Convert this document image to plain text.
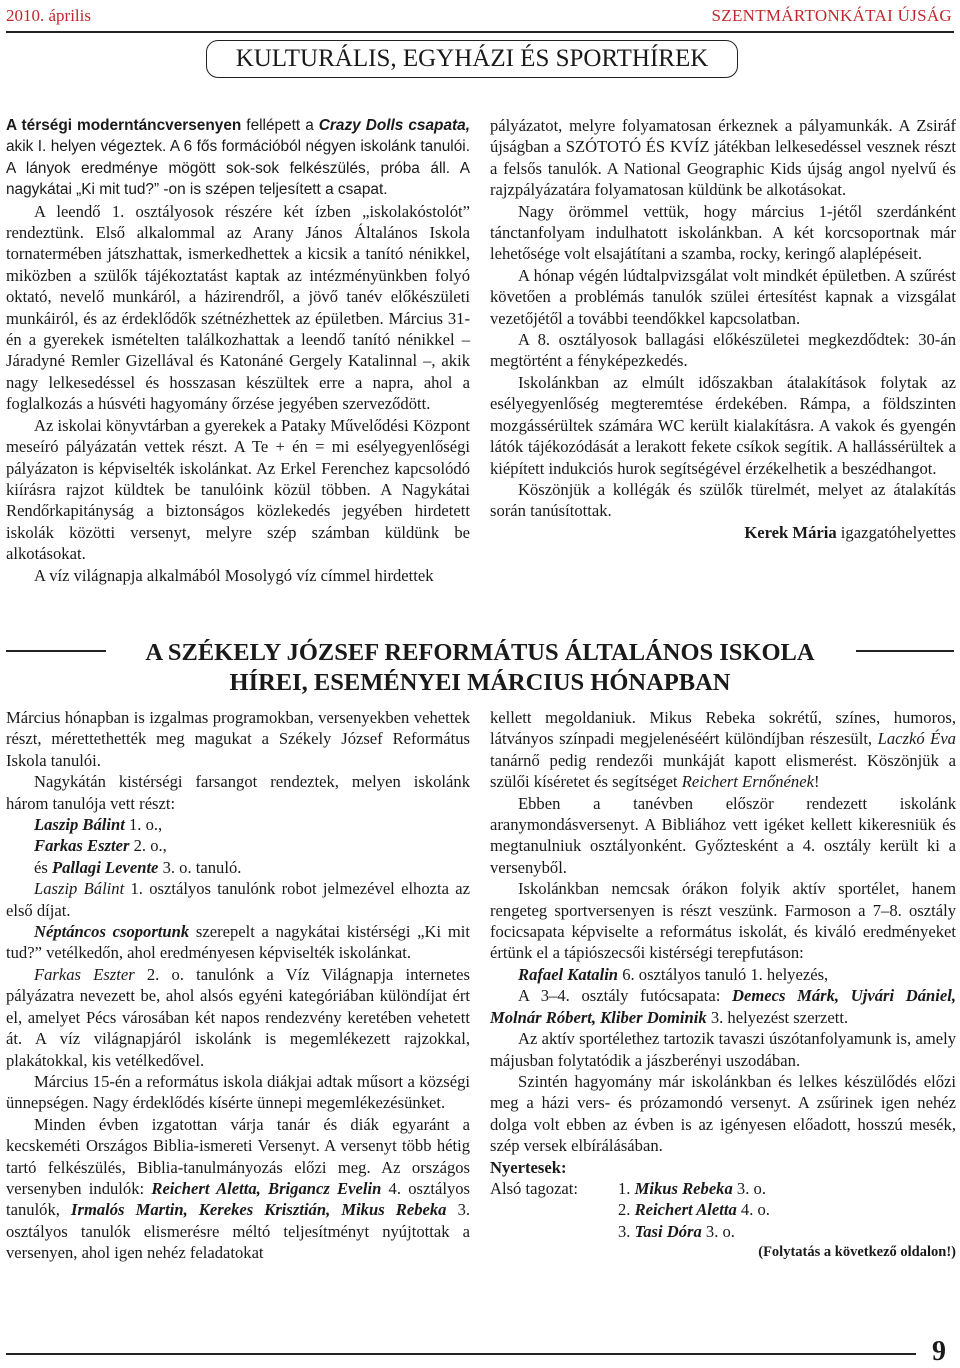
2010. április	SZENTMÁRTONKÁTAI ÚJSÁG
KULTURÁLIS, EGYHÁZI ÉS SPORTHÍREK

A térségi moderntáncversenyen fellépett a Crazy Dolls csapata, akik I. helyen végeztek. A 6 fős formációból négyen iskolánk tanulói. A lányok eredménye mögött sok-sok felkészülés, próba áll. A nagykátai „Ki mit tud?” -on is szépen teljesített a csapat.

A leendő 1. osztályosok részére két ízben „iskolakóstolót” rendeztünk. Első alkalommal az Arany János Általános Iskola tornatermében játszhattak, ismerkedhettek a kicsik a tanító nénikkel, miközben a szülők tájékoztatást kaptak az intézményünkben folyó oktató, nevelő munkáról, a házirendről, a jövő tanév előkészületi munkáiról, és az érdeklődők szétnézhettek az épületben. Március 31-én a gyerekek ismételten találkozhattak a leendő tanító nénikkel – Járadyné Remler Gizellával és Katonáné Gergely Katalinnal –, akik nagy lelkesedéssel és hosszasan készültek erre a napra, ahol a foglalkozás a húsvéti hagyomány őrzése jegyében szerveződött.

Az iskolai könyvtárban a gyerekek a Pataky Művelődési Központ meseíró pályázatán vettek részt. A Te + én = mi esélyegyenlőségi pályázaton is képviselték iskolánkat. Az Erkel Ferenchez kapcsolódó kiírásra rajzot küldtek be tanulóink közül többen. A Nagykátai Rendőrkapitányság a biztonságos közlekedés jegyében hirdetett iskolák közötti versenyt, melyre szép számban küldünk be alkotásokat.

A víz világnapja alkalmából Mosolygó víz címmel hirdettek

pályázatot, melyre folyamatosan érkeznek a pályamunkák. A Zsiráf újságban a SZÓTOTÓ ÉS KVÍZ játékban lelkesedéssel vesznek részt a felsős tanulók. A National Geographic Kids újság angol nyelvű és rajzpályázatára folyamatosan küldünk be alkotásokat.

Nagy örömmel vettük, hogy március 1-jétől szerdánként tánctanfolyam indulhatott iskolánkban. A két korcsoportnak már lehetősége volt elsajátítani a szamba, rocky, keringő alaplépéseit.

A hónap végén lúdtalpvizsgálat volt mindkét épületben. A szűrést követően a problémás tanulók szülei értesítést kapnak a vizsgálat vezetőjétől a további teendőkkel kapcsolatban.

A 8. osztályosok ballagási előkészületei megkezdődtek: 30-án megtörtént a fényképezkedés.

Iskolánkban az elmúlt időszakban átalakítások folytak az esélyegyenlőség megteremtése érdekében. Rámpa, a földszinten mozgássérültek számára WC került kialakításra. A vakok és gyengén látók tájékozódását a lerakott fekete csíkok segítik. A hallássérültek a kiépített indukciós hurok segítségével érzékelhetik a beszédhangot.

Köszönjük a kollégák és szülők türelmét, melyet az átalakítás során tanúsítottak.

Kerek Mária igazgatóhelyettes

A SZÉKELY JÓZSEF REFORMÁTUS ÁLTALÁNOS ISKOLA
HÍREI, ESEMÉNYEI MÁRCIUS HÓNAPBAN

Március hónapban is izgalmas programokban, versenyekben vehettek részt, mérettethették meg magukat a Székely József Református Iskola tanulói.

Nagykátán kistérségi farsangot rendeztek, melyen iskolánk három tanulója vett részt:

Laszip Bálint 1. o.,

Farkas Eszter 2. o.,

és Pallagi Levente 3. o. tanuló.

Laszip Bálint 1. osztályos tanulónk robot jelmezével elhozta az első díjat.

Néptáncos csoportunk szerepelt a nagykátai kistérségi „Ki mit tud?” vetélkedőn, ahol eredményesen képviselték iskolánkat.

Farkas Eszter 2. o. tanulónk a Víz Világnapja internetes pályázatra nevezett be, ahol alsós egyéni kategóriában különdíjat ért el, amelyet Pécs városában két napos rendezvény keretében vehetett át. A víz világnapjáról iskolánk is megemlékezett rajzokkal, plakátokkal, kis vetélkedővel.

Március 15-én a református iskola diákjai adtak műsort a községi ünnepségen. Nagy érdeklődés kísérte ünnepi megemlékezésünket.

Minden évben izgatottan várja tanár és diák egyaránt a kecskeméti Országos Biblia-ismereti Versenyt. A versenyt több hétig tartó felkészülés, Biblia-tanulmányozás előzi meg. Az országos versenyben indulók: Reichert Aletta, Brigancz Evelin 4. osztályos tanulók, Irmalós Martin, Kerekes Krisztián, Mikus Rebeka 3. osztályos tanulók elismerésre méltó teljesítményt nyújtottak a versenyen, ahol igen nehéz feladatokat

kellett megoldaniuk. Mikus Rebeka sokrétű, színes, humoros, látványos színpadi megjelenéséért különdíjban részesült, Laczkó Éva tanárnő pedig rendezői munkáját kapott elismerést. Köszönjük a szülői kíséretet és segítséget Reichert Ernőnének!

Ebben a tanévben először rendezett iskolánk aranymondásversenyt. A Bibliához vett igéket kellett kikeresniük és megtanulniuk osztályonként. Győztesként a 4. osztály került ki a versenyből.

Iskolánkban nemcsak órákon folyik aktív sportélet, hanem rengeteg sportversenyen is részt veszünk. Farmoson a 7–8. osztály focicsapata képviselte a református iskolát, és kiváló eredményeket értünk el a tápiószecsői kistérségi terepfutáson:

Rafael Katalin 6. osztályos tanuló 1. helyezés,

A 3–4. osztály futócsapata: Demecs Márk, Ujvári Dániel, Molnár Róbert, Kliber Dominik 3. helyezést szerzett.

Az aktív sportélethez tartozik tavaszi úszótanfolyamunk is, amely májusban folytatódik a jászberényi uszodában.

Szintén hagyomány már iskolánkban és lelkes készülődés előzi meg a házi vers- és prózamondó versenyt. A zsűrinek igen nehéz dolga volt ebben az évben is az igényesen előadott, hosszú mesék, szép versek elbírálásában.

Nyertesek:

Alsó tagozat:	1. Mikus Rebeka 3. o.
	2. Reichert Aletta 4. o.
	3. Tasi Dóra 3. o.

(Folytatás a következő oldalon!)

9
